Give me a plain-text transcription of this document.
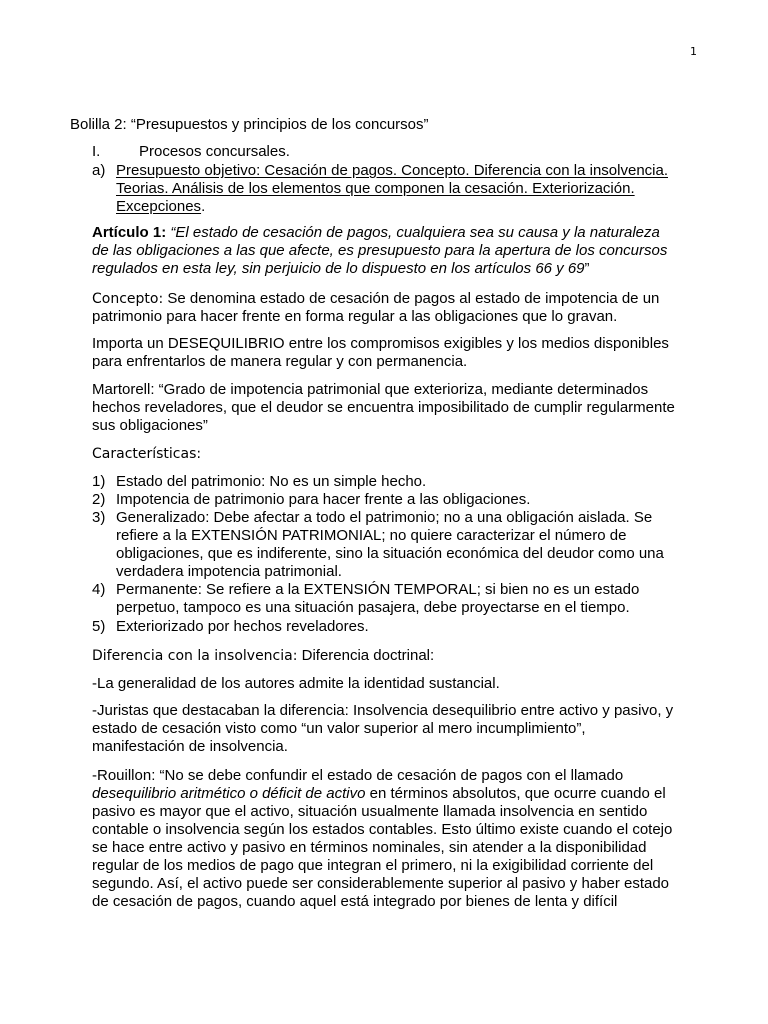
1
Bolilla 2: “Presupuestos y principios de los concursos”
I.	Procesos concursales.
a) Presupuesto objetivo: Cesación de pagos. Concepto. Diferencia con la insolvencia.
Teorias. Análisis de los elementos que componen la cesación. Exteriorización.
Excepciones.
Artículo 1: “El estado de cesación de pagos, cualquiera sea su causa y la naturaleza
de las obligaciones a las que afecte, es presupuesto para la apertura de los concursos
regulados en esta ley, sin perjuicio de lo dispuesto en los artículos 66 y 69”
Concepto: Se denomina estado de cesación de pagos al estado de impotencia de un
patrimonio para hacer frente en forma regular a las obligaciones que lo gravan.
Importa un DESEQUILIBRIO entre los compromisos exigibles y los medios disponibles
para enfrentarlos de manera regular y con permanencia.
Martorell: “Grado de impotencia patrimonial que exterioriza, mediante determinados
hechos reveladores, que el deudor se encuentra imposibilitado de cumplir regularmente
sus obligaciones”
Características:
1) Estado del patrimonio: No es un simple hecho.
2) Impotencia de patrimonio para hacer frente a las obligaciones.
3) Generalizado: Debe afectar a todo el patrimonio; no a una obligación aislada. Se
refiere a la EXTENSIÓN PATRIMONIAL; no quiere caracterizar el número de
obligaciones, que es indiferente, sino la situación económica del deudor como una
verdadera impotencia patrimonial.
4) Permanente: Se refiere a la EXTENSIÓN TEMPORAL; si bien no es un estado
perpetuo, tampoco es una situación pasajera, debe proyectarse en el tiempo.
5) Exteriorizado por hechos reveladores.
Diferencia con la insolvencia: Diferencia doctrinal:
-La generalidad de los autores admite la identidad sustancial.
-Juristas que destacaban la diferencia: Insolvencia desequilibrio entre activo y pasivo, y
estado de cesación visto como “un valor superior al mero incumplimiento”,
manifestación de insolvencia.
-Rouillon: “No se debe confundir el estado de cesación de pagos con el llamado
desequilibrio aritmético o déficit de activo en términos absolutos, que ocurre cuando el
pasivo es mayor que el activo, situación usualmente llamada insolvencia en sentido
contable o insolvencia según los estados contables. Esto último existe cuando el cotejo
se hace entre activo y pasivo en términos nominales, sin atender a la disponibilidad
regular de los medios de pago que integran el primero, ni la exigibilidad corriente del
segundo. Así, el activo puede ser considerablemente superior al pasivo y haber estado
de cesación de pagos, cuando aquel está integrado por bienes de lenta y difícil
